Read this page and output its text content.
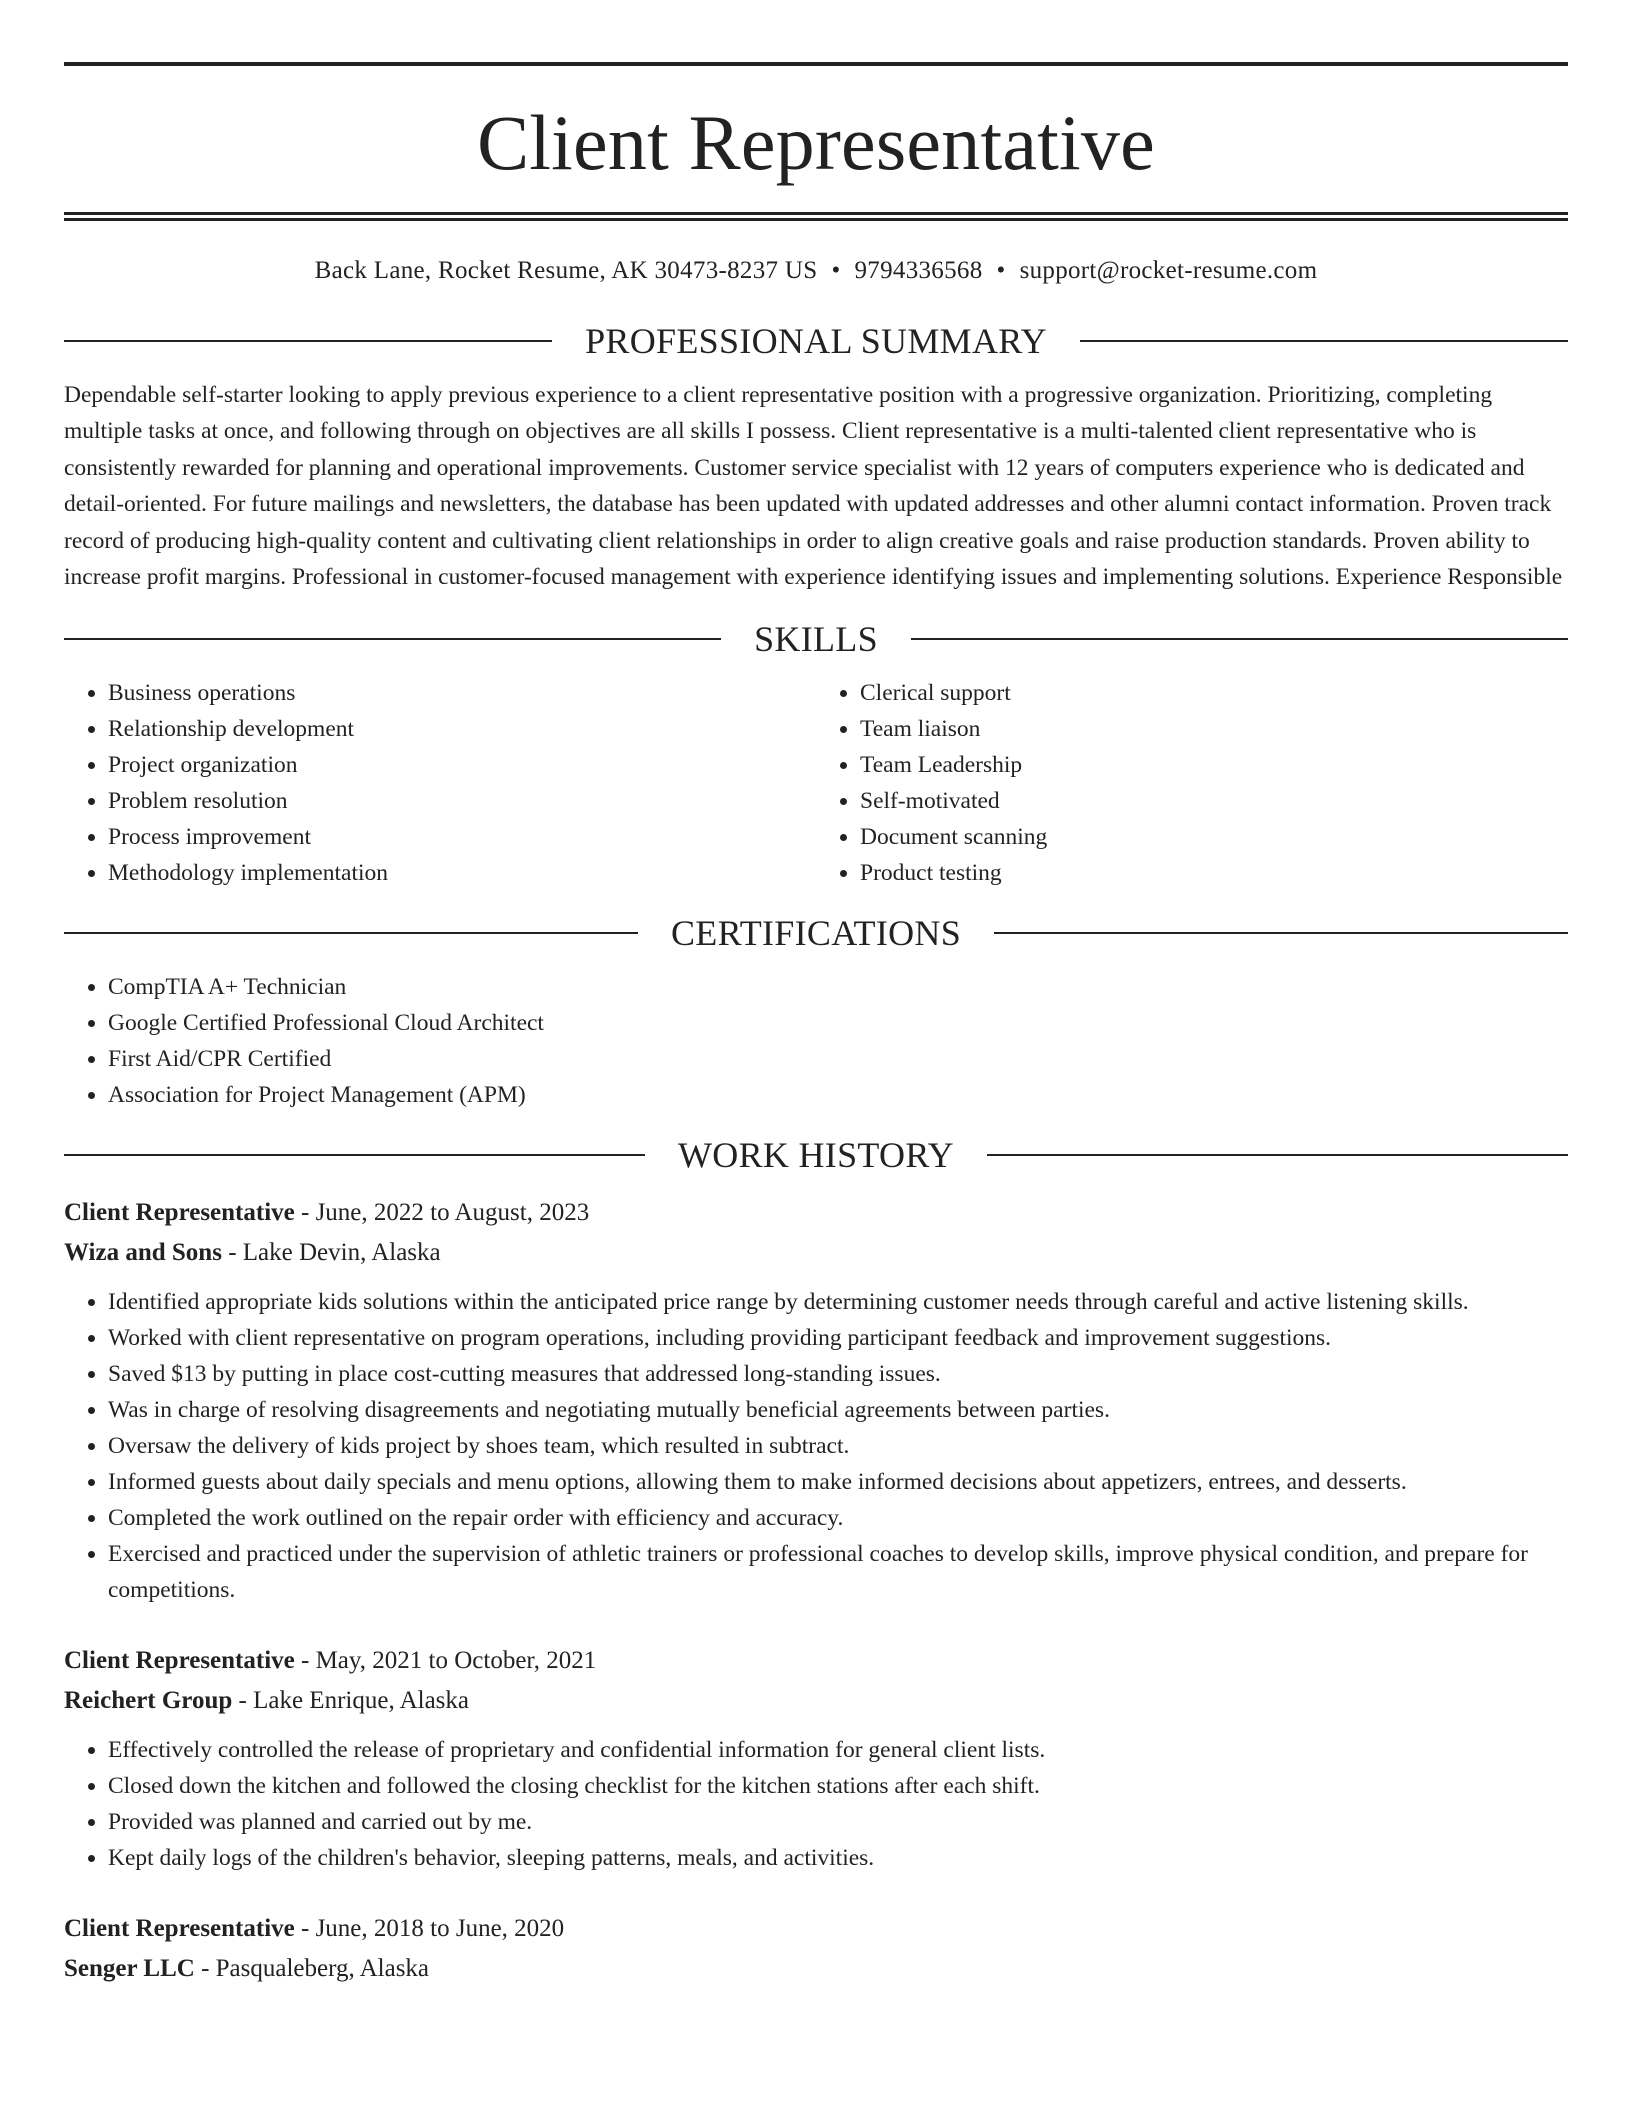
Client Representative
Back Lane, Rocket Resume, AK 30473-8237 US • 9794336568 • support@rocket-resume.com
PROFESSIONAL SUMMARY

Dependable self-starter looking to apply previous experience to a client representative position with a progressive organization. Prioritizing, completing multiple tasks at once, and following through on objectives are all skills I possess. Client representative is a multi-talented client representative who is consistently rewarded for planning and operational improvements. Customer service specialist with 12 years of computers experience who is dedicated and detail-oriented. For future mailings and newsletters, the database has been updated with updated addresses and other alumni contact information. Proven track record of producing high-quality content and cultivating client relationships in order to align creative goals and raise production standards. Proven ability to increase profit margins. Professional in customer-focused management with experience identifying issues and implementing solutions. Experience Responsible

SKILLS
• Business operations
• Relationship development
• Project organization
• Problem resolution
• Process improvement
• Methodology implementation
• Clerical support
• Team liaison
• Team Leadership
• Self-motivated
• Document scanning
• Product testing
CERTIFICATIONS
• CompTIA A+ Technician
• Google Certified Professional Cloud Architect
• First Aid/CPR Certified
• Association for Project Management (APM)
WORK HISTORY
Client Representative - June, 2022 to August, 2023
Wiza and Sons - Lake Devin, Alaska
• Identified appropriate kids solutions within the anticipated price range by determining customer needs through careful and active listening skills.
• Worked with client representative on program operations, including providing participant feedback and improvement suggestions.
• Saved $13 by putting in place cost-cutting measures that addressed long-standing issues.
• Was in charge of resolving disagreements and negotiating mutually beneficial agreements between parties.
• Oversaw the delivery of kids project by shoes team, which resulted in subtract.
• Informed guests about daily specials and menu options, allowing them to make informed decisions about appetizers, entrees, and desserts.
• Completed the work outlined on the repair order with efficiency and accuracy.
• Exercised and practiced under the supervision of athletic trainers or professional coaches to develop skills, improve physical condition, and prepare for competitions.
Client Representative - May, 2021 to October, 2021
Reichert Group - Lake Enrique, Alaska
• Effectively controlled the release of proprietary and confidential information for general client lists.
• Closed down the kitchen and followed the closing checklist for the kitchen stations after each shift.
• Provided was planned and carried out by me.
• Kept daily logs of the children's behavior, sleeping patterns, meals, and activities.
Client Representative - June, 2018 to June, 2020
Senger LLC - Pasqualeberg, Alaska
